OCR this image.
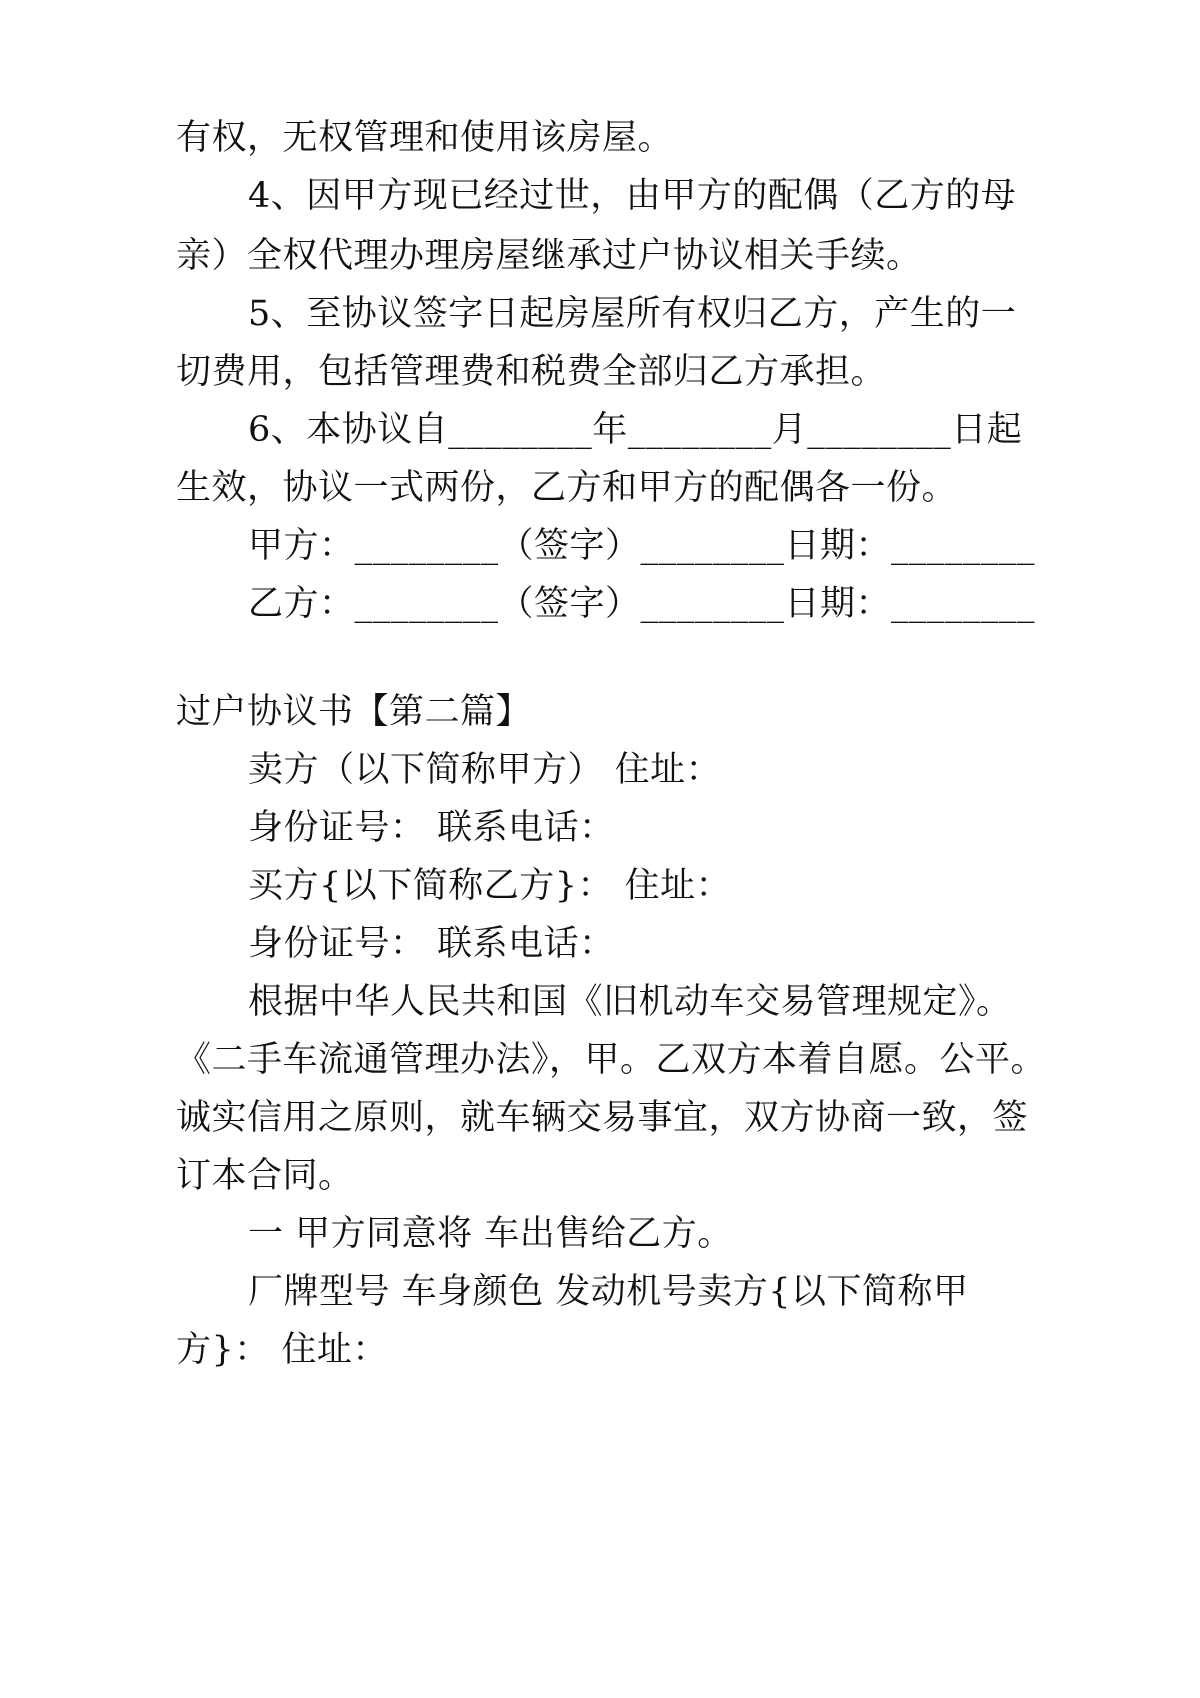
有权，无权管理和使用该房屋。
4、因甲方现已经过世，由甲方的配偶（乙方的母
亲）全权代理办理房屋继承过户协议相关手续。
5、至协议签字日起房屋所有权归乙方，产生的一
切费用，包括管理费和税费全部归乙方承担。
6、本协议自________年________月________日起
生效，协议一式两份，乙方和甲方的配偶各一份。
甲方：________（签字）________日期：________
乙方：________（签字）________日期：________
过户协议书【第二篇】
卖方（以下简称甲方） 住址：
身份证号： 联系电话：
买方{以下简称乙方}： 住址：
身份证号： 联系电话：
根据中华人民共和国《旧机动车交易管理规定》。
《二手车流通管理办法》，甲。乙双方本着自愿。公平。
诚实信用之原则，就车辆交易事宜，双方协商一致，签
订本合同。
一 甲方同意将 车出售给乙方。
厂牌型号 车身颜色 发动机号卖方{以下简称甲
方}： 住址：
